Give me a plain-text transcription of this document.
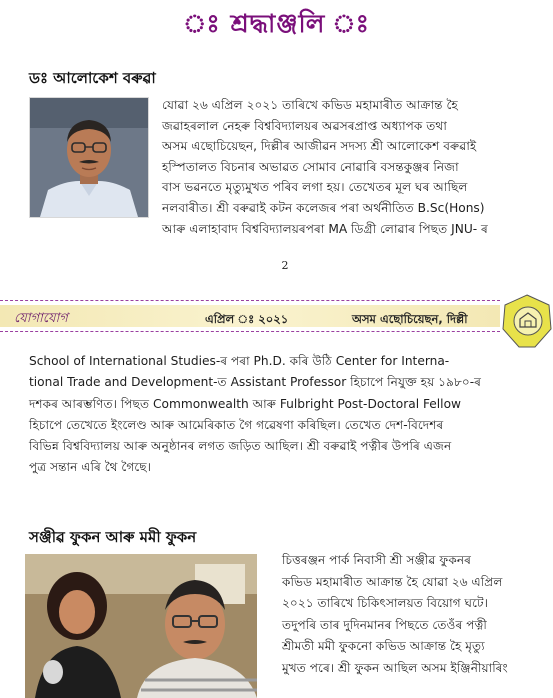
ঃ শ্ৰদ্ধাঞ্জলি ঃ
ডঃ আলোকেশ বৰুৱা
যোৱা ২৬ এপ্ৰিল ২০২১ তাৰিখে কভিড মহামাৰীত আক্ৰান্ত হৈ
জৱাহৰলাল নেহৰু বিশ্ববিদ্যালয়ৰ অৱসৰপ্ৰাপ্ত অধ্যাপক তথা
অসম এছোচিয়েছন, দিল্লীৰ আজীৱন সদস্য শ্ৰী আলোকেশ বৰুৱাই
হস্পিতালত বিচনাৰ অভাৱত সোমাব নোৱাৰি বসন্তকুঞ্জৰ নিজা
বাস ভৱনতে মৃত্যুমুখত পৰিব লগা হয়। তেখেতৰ মূল ঘৰ আছিল
নলবাৰীত। শ্ৰী বৰুৱাই কটন কলেজৰ পৰা অৰ্থনীতিত B.Sc(Hons)
আৰু এলাহাবাদ বিশ্ববিদ্যালয়ৰপৰা MA ডিগ্ৰী লোৱাৰ পিছত JNU- ৰ
2
যোগাযোগ	এপ্ৰিল ঃ ২০২১	অসম এছোচিয়েছন, দিল্লী
School of International Studies-ৰ পৰা Ph.D. কৰি উঠি Center for Interna-
tional Trade and Development-ত Assistant Professor হিচাপে নিযুক্ত হয় ১৯৮০-ৰ
দশকৰ আৰম্ভণিত। পিছত Commonwealth আৰু Fulbright Post-Doctoral Fellow
হিচাপে তেখেতে ইংলেণ্ড আৰু আমেৰিকাত গৈ গৱেষণা কৰিছিল। তেখেত দেশ-বিদেশৰ
বিভিন্ন বিশ্ববিদ্যালয় আৰু অনুষ্ঠানৰ লগত জড়িত আছিল। শ্ৰী বৰুৱাই পত্নীৰ উপৰি এজন
পুত্ৰ সন্তান এৰি থৈ গৈছে।
সঞ্জীৱ ফুকন আৰু মমী ফুকন
চিত্তৰঞ্জন পাৰ্ক নিবাসী শ্ৰী সঞ্জীৱ ফুকনৰ
কভিড মহামাৰীত আক্ৰান্ত হৈ যোৱা ২৬ এপ্ৰিল
২০২১ তাৰিখে চিকিৎসালয়ত বিয়োগ ঘটে।
তদুপৰি তাৰ দুদিনমানৰ পিছতে তেওঁৰ পত্নী
শ্ৰীমতী মমী ফুকনো কভিড আক্ৰান্ত হৈ মৃত্যু
মুখত পৰে। শ্ৰী ফুকন আছিল অসম ইঞ্জিনীয়াৰিং
